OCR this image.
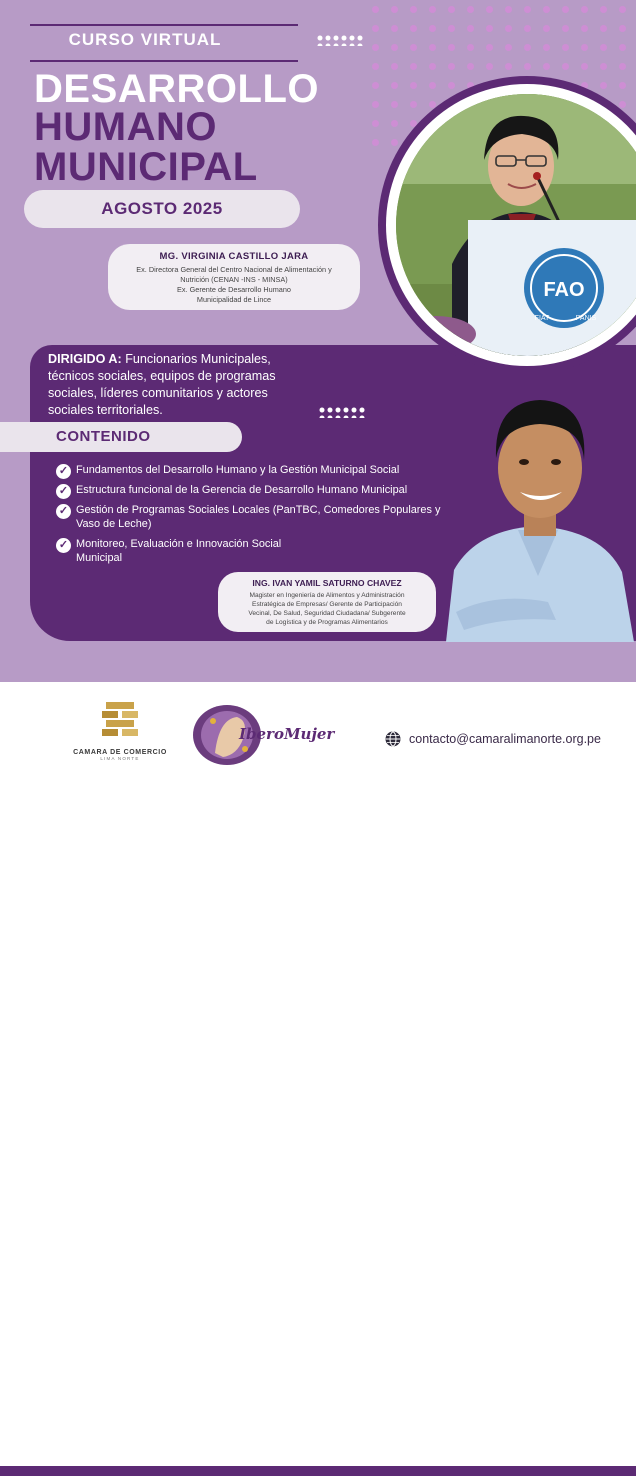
FAO
FIAT	PANIS
CURSO VIRTUAL
DESARROLLO
HUMANO
MUNICIPAL
AGOSTO 2025
MG. VIRGINIA CASTILLO JARA
Ex. Directora General del Centro Nacional de Alimentación y
Nutrición (CENAN -INS - MINSA)
Ex. Gerente de Desarrollo Humano
Municipalidad de Lince
DIRIGIDO A: Funcionarios Municipales, técnicos sociales, equipos de programas sociales, líderes comunitarios y actores sociales territoriales.
CONTENIDO
✓ Fundamentos del Desarrollo Humano y la Gestión Municipal Social
✓ Estructura funcional de la Gerencia de Desarrollo Humano Municipal
✓ Gestión de Programas Sociales Locales (PanTBC, Comedores Populares y Vaso de Leche)
✓ Monitoreo, Evaluación e Innovación Social Municipal
ING. IVAN YAMIL SATURNO CHAVEZ
Magister en Ingeniería de Alimentos y Administración
Estratégica de Empresas/ Gerente de Participación
Vecinal, De Salud, Seguridad Ciudadana/ Subgerente
de Logística y de Programas Alimentarios
CAMARA DE COMERCIO
LIMA NORTE
IberoMujer	contacto@camaralimanorte.org.pe
